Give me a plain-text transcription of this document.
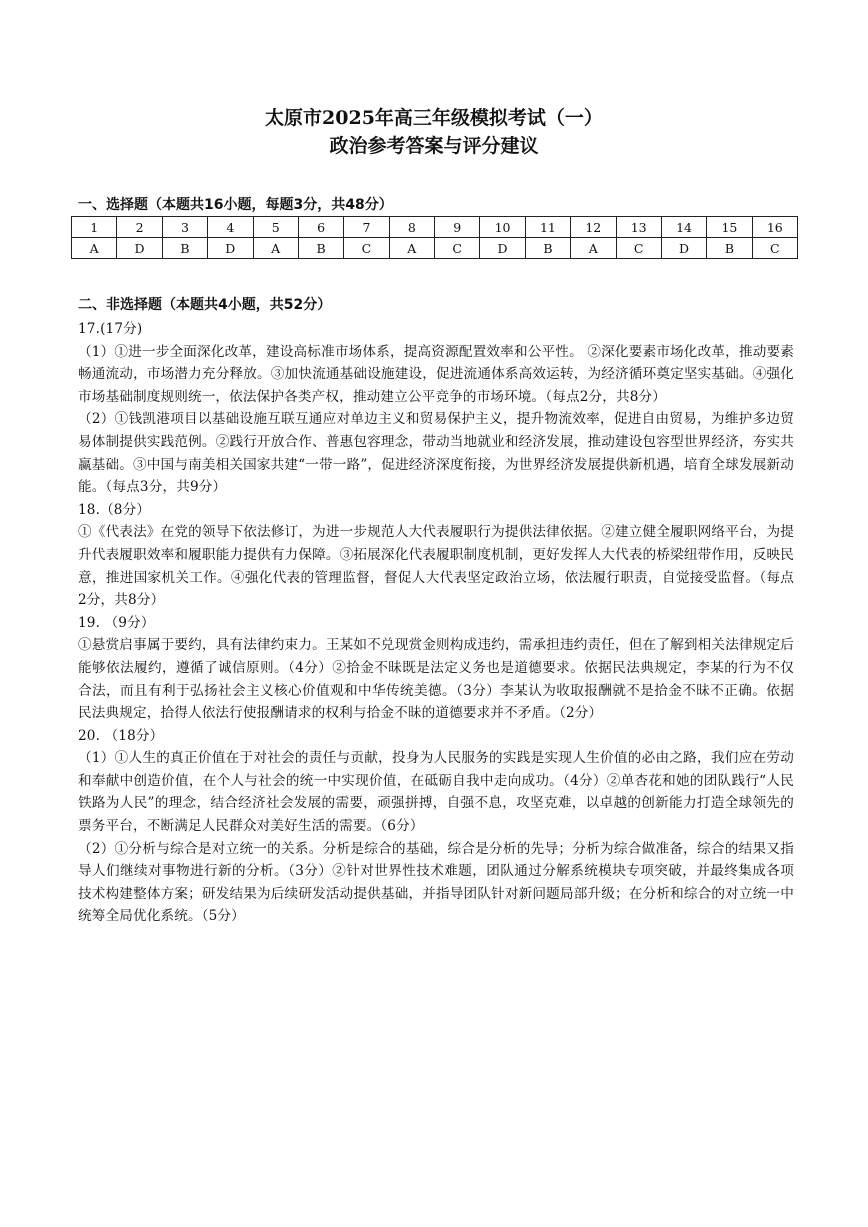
太原市2025年高三年级模拟考试（一）
政治参考答案与评分建议
一、选择题（本题共16小题，每题3分，共48分）
1	2	3	4	5	6	7	8	9	10	11	12	13	14	15	16
A	D	B	D	A	B	C	A	C	D	B	A	C	D	B	C
二、非选择题（本题共4小题，共52分）

17.(17分)

（1）①进一步全面深化改革，建设高标准市场体系，提高资源配置效率和公平性。 ②深化要素市场化改革，推动要素畅通流动，市场潜力充分释放。③加快流通基础设施建设，促进流通体系高效运转，为经济循环奠定坚实基础。④强化市场基础制度规则统一，依法保护各类产权，推动建立公平竞争的市场环境。（每点2分，共8分）

（2）①钱凯港项目以基础设施互联互通应对单边主义和贸易保护主义，提升物流效率，促进自由贸易，为维护多边贸易体制提供实践范例。②践行开放合作、普惠包容理念，带动当地就业和经济发展，推动建设包容型世界经济，夯实共赢基础。③中国与南美相关国家共建“一带一路”，促进经济深度衔接，为世界经济发展提供新机遇，培育全球发展新动能。（每点3分，共9分）

18.（8分）

①《代表法》在党的领导下依法修订，为进一步规范人大代表履职行为提供法律依据。②建立健全履职网络平台，为提升代表履职效率和履职能力提供有力保障。③拓展深化代表履职制度机制，更好发挥人大代表的桥梁纽带作用，反映民意，推进国家机关工作。④强化代表的管理监督，督促人大代表坚定政治立场，依法履行职责，自觉接受监督。（每点2分，共8分）

19. （9分）

①悬赏启事属于要约，具有法律约束力。王某如不兑现赏金则构成违约，需承担违约责任，但在了解到相关法律规定后能够依法履约，遵循了诚信原则。（4分）②拾金不昧既是法定义务也是道德要求。依据民法典规定，李某的行为不仅合法，而且有利于弘扬社会主义核心价值观和中华传统美德。（3分）李某认为收取报酬就不是拾金不昧不正确。依据民法典规定，拾得人依法行使报酬请求的权利与拾金不昧的道德要求并不矛盾。（2分）

20. （18分）

（1）①人生的真正价值在于对社会的责任与贡献，投身为人民服务的实践是实现人生价值的必由之路，我们应在劳动和奉献中创造价值，在个人与社会的统一中实现价值，在砥砺自我中走向成功。（4分）②单杏花和她的团队践行“人民铁路为人民”的理念，结合经济社会发展的需要，顽强拼搏，自强不息，攻坚克难，以卓越的创新能力打造全球领先的票务平台，不断满足人民群众对美好生活的需要。（6分）

（2）①分析与综合是对立统一的关系。分析是综合的基础，综合是分析的先导；分析为综合做准备，综合的结果又指导人们继续对事物进行新的分析。（3分）②针对世界性技术难题，团队通过分解系统模块专项突破，并最终集成各项技术构建整体方案；研发结果为后续研发活动提供基础，并指导团队针对新问题局部升级；在分析和综合的对立统一中统筹全局优化系统。（5分）
